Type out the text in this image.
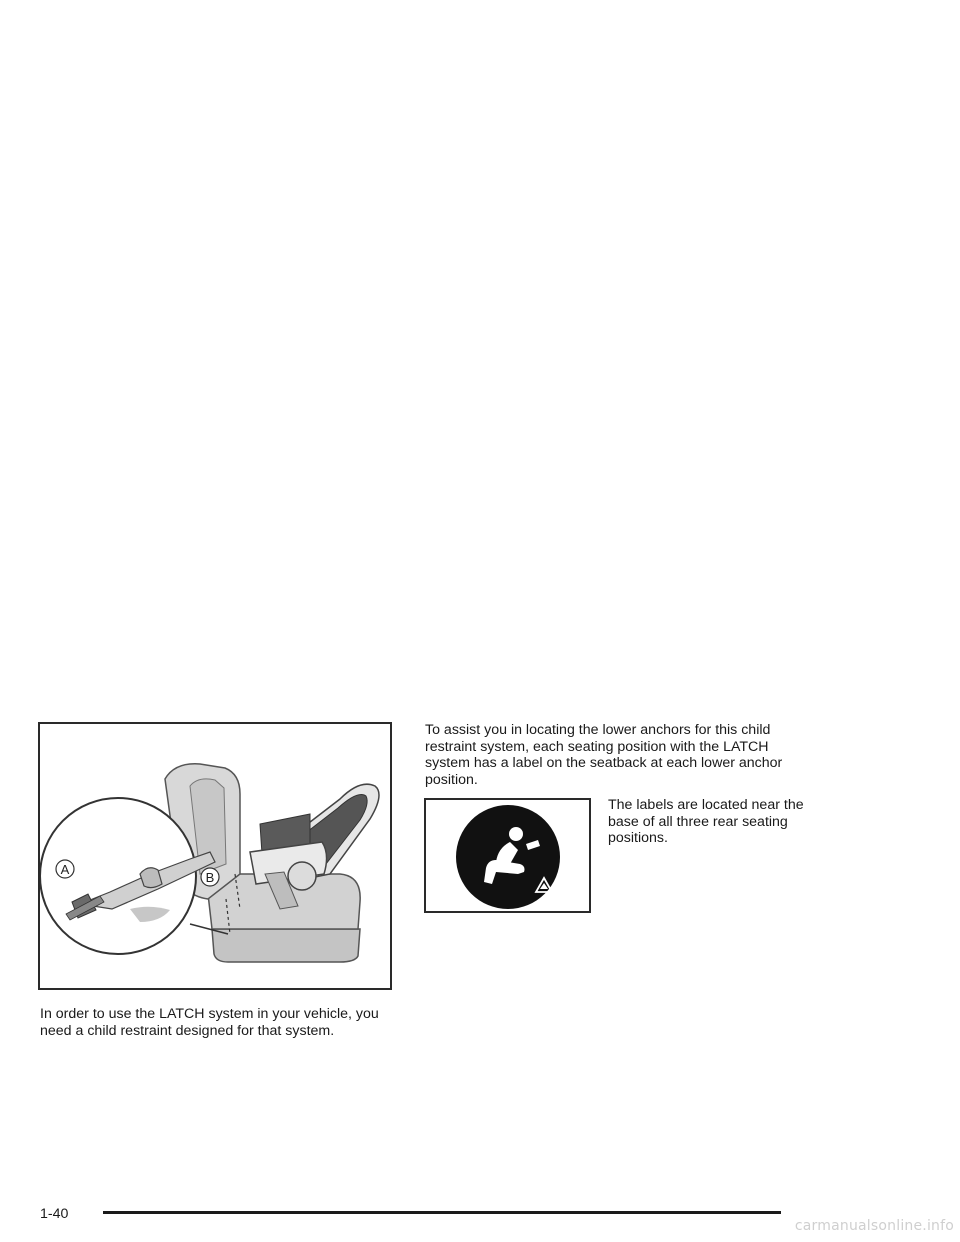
A
B

In order to use the LATCH system in your vehicle, you need a child restraint designed for that system.

To assist you in locating the lower anchors for this child restraint system, each seating position with the LATCH system has a label on the seatback at each lower anchor position.

The labels are located near the base of all three rear seating positions.

1-40
carmanualsonline.info
